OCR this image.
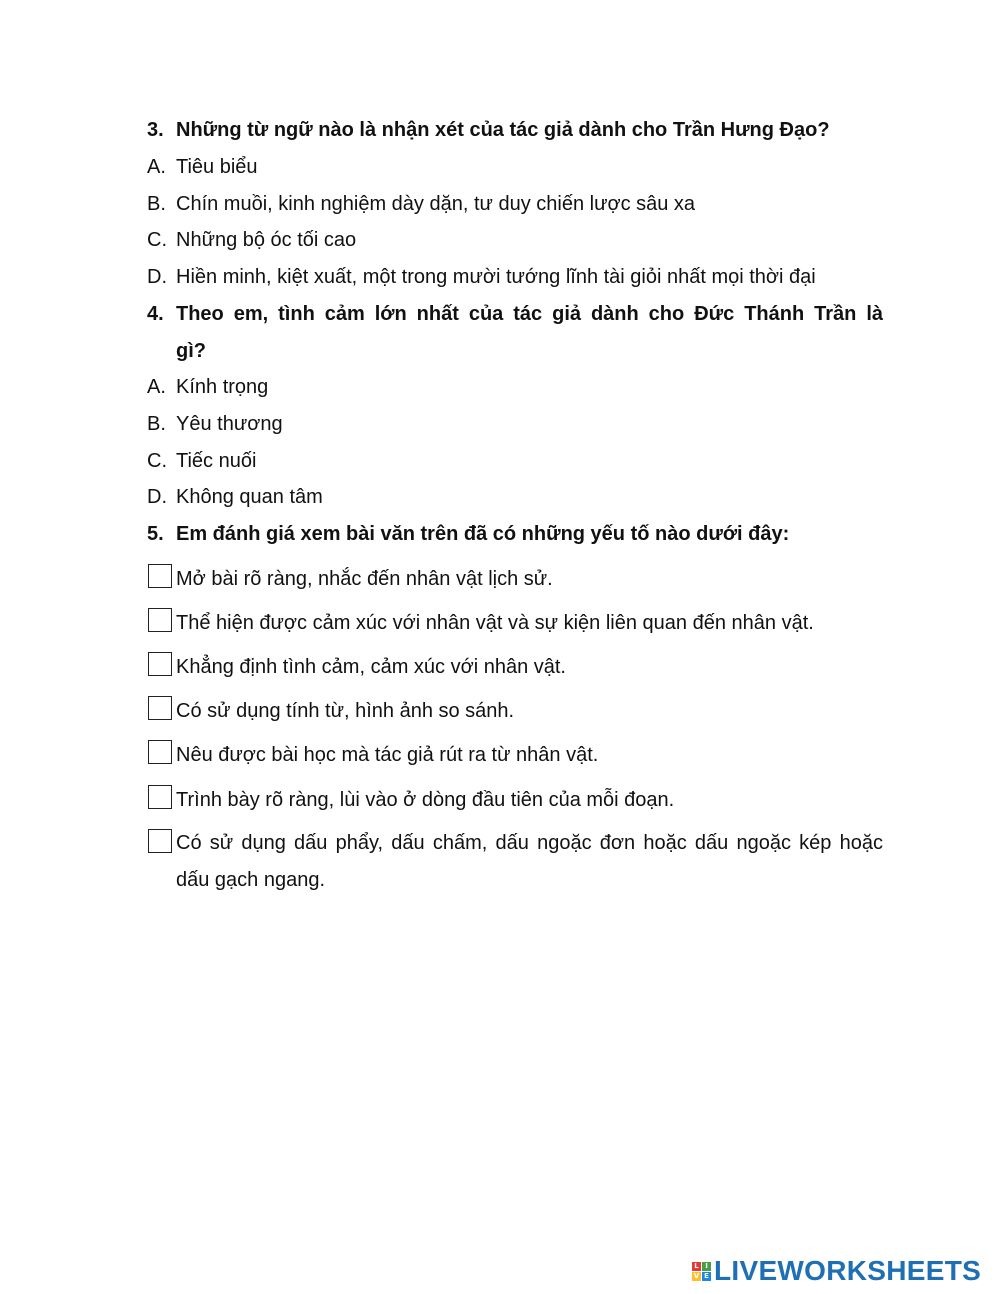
3. Những từ ngữ nào là nhận xét của tác giả dành cho Trần Hưng Đạo?
A. Tiêu biểu
B. Chín muồi, kinh nghiệm dày dặn, tư duy chiến lược sâu xa
C. Những bộ óc tối cao
D. Hiền minh, kiệt xuất, một trong mười tướng lĩnh tài giỏi nhất mọi thời đại
4. Theo em, tình cảm lớn nhất của tác giả dành cho Đức Thánh Trần là
gì?
A. Kính trọng
B. Yêu thương
C. Tiếc nuối
D. Không quan tâm
5. Em đánh giá xem bài văn trên đã có những yếu tố nào dưới đây:
Mở bài rõ ràng, nhắc đến nhân vật lịch sử.
Thể hiện được cảm xúc với nhân vật và sự kiện liên quan đến nhân vật.
Khẳng định tình cảm, cảm xúc với nhân vật.
Có sử dụng tính từ, hình ảnh so sánh.
Nêu được bài học mà tác giả rút ra từ nhân vật.
Trình bày rõ ràng, lùi vào ở dòng đầu tiên của mỗi đoạn.
Có sử dụng dấu phẩy, dấu chấm, dấu ngoặc đơn hoặc dấu ngoặc kép hoặc dấu gạch ngang.
L I
V E LIVEWORKSHEETS
